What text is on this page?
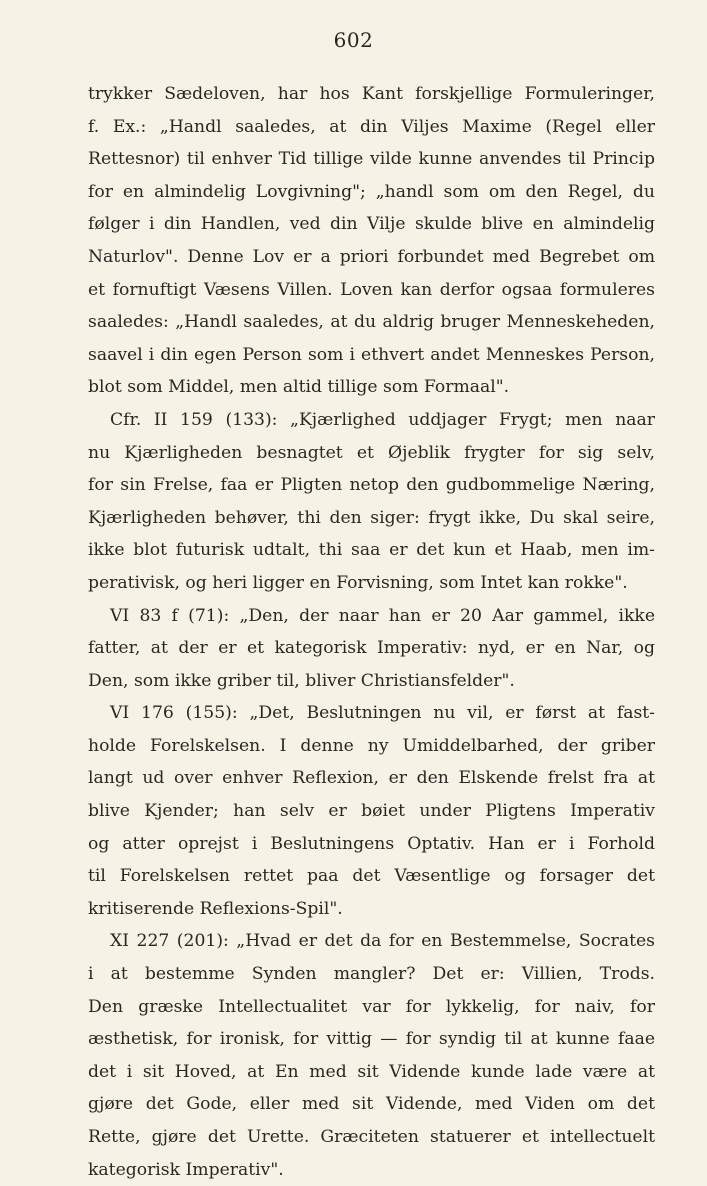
602
trykker Sædeloven, har hos Kant forskjellige Formuleringer,
f. Ex.: „Handl saaledes, at din Viljes Maxime (Regel eller
Rettesnor) til enhver Tid tillige vilde kunne anvendes til Princip
for en almindelig Lovgivning"; „handl som om den Regel, du
følger i din Handlen, ved din Vilje skulde blive en almindelig
Naturlov". Denne Lov er a priori forbundet med Begrebet om
et fornuftigt Væsens Villen. Loven kan derfor ogsaa formuleres
saaledes: „Handl saaledes, at du aldrig bruger Menneskeheden,
saavel i din egen Person som i ethvert andet Menneskes Person,
blot som Middel, men altid tillige som Formaal".
Cfr. II 159 (133): „Kjærlighed uddjager Frygt; men naar
nu Kjærligheden besnagtet et Øjeblik frygter for sig selv,
for sin Frelse, faa er Pligten netop den gudbommelige Næring,
Kjærligheden behøver, thi den siger: frygt ikke, Du skal seire,
ikke blot futurisk udtalt, thi saa er det kun et Haab, men im-
perativisk, og heri ligger en Forvisning, som Intet kan rokke".
VI 83 f (71): „Den, der naar han er 20 Aar gammel, ikke
fatter, at der er et kategorisk Imperativ: nyd, er en Nar, og
Den, som ikke griber til, bliver Christiansfelder".
VI 176 (155): „Det, Beslutningen nu vil, er først at fast-
holde Forelskelsen. I denne ny Umiddelbarhed, der griber
langt ud over enhver Reflexion, er den Elskende frelst fra at
blive Kjender; han selv er bøiet under Pligtens Imperativ
og atter oprejst i Beslutningens Optativ. Han er i Forhold
til Forelskelsen rettet paa det Væsentlige og forsager det
kritiserende Reflexions-Spil".
XI 227 (201): „Hvad er det da for en Bestemmelse, Socrates
i at bestemme Synden mangler? Det er: Villien, Trods.
Den græske Intellectualitet var for lykkelig, for naiv, for
æsthetisk, for ironisk, for vittig — for syndig til at kunne faae
det i sit Hoved, at En med sit Vidende kunde lade være at
gjøre det Gode, eller med sit Vidende, med Viden om det
Rette, gjøre det Urette. Græciteten statuerer et intellectuelt
kategorisk Imperativ".
